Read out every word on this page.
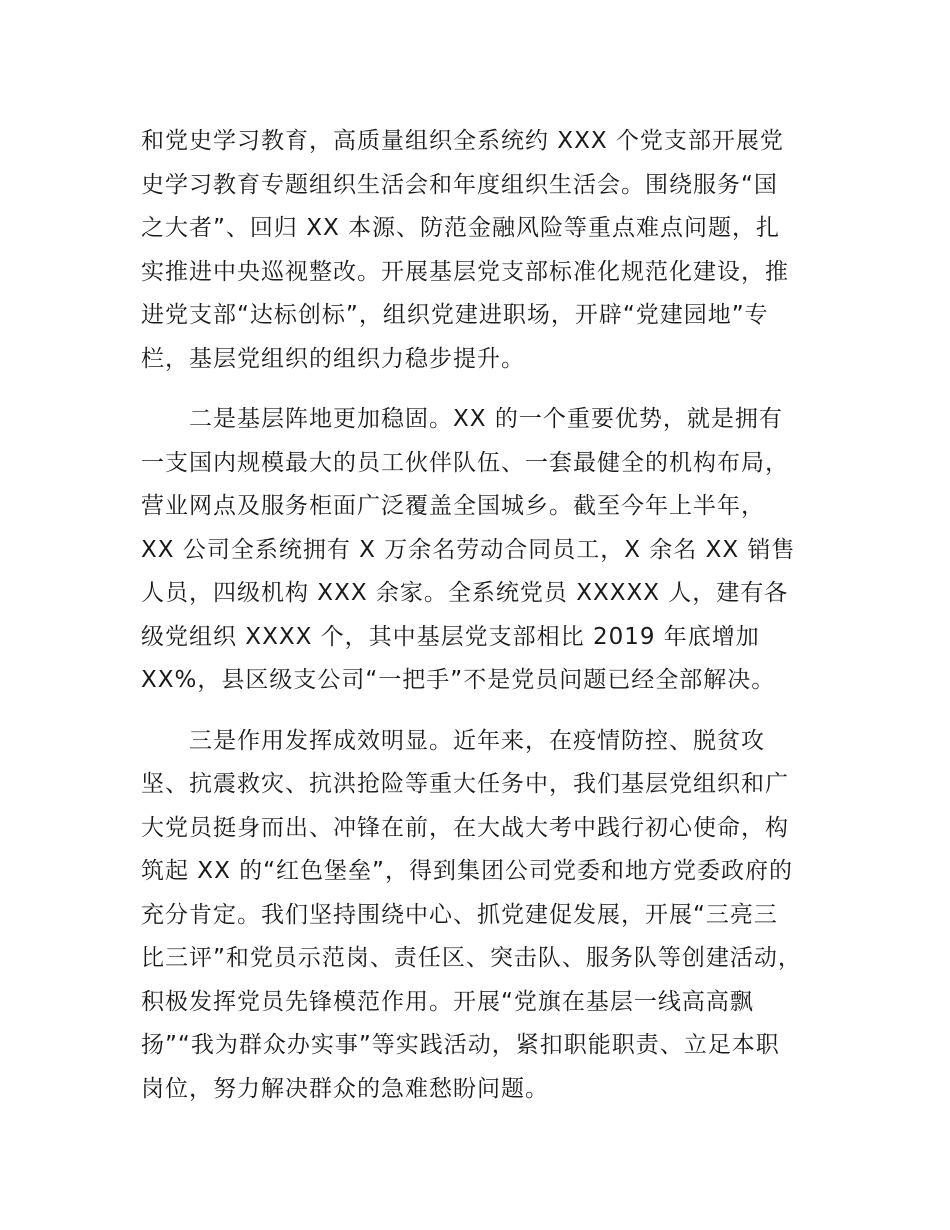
和党史学习教育，高质量组织全系统约 XXX 个党支部开展党
史学习教育专题组织生活会和年度组织生活会。围绕服务“国
之大者”、回归 XX 本源、防范金融风险等重点难点问题，扎
实推进中央巡视整改。开展基层党支部标准化规范化建设，推
进党支部“达标创标”，组织党建进职场，开辟“党建园地”专
栏，基层党组织的组织力稳步提升。
二是基层阵地更加稳固。XX 的一个重要优势，就是拥有
一支国内规模最大的员工伙伴队伍、一套最健全的机构布局，
营业网点及服务柜面广泛覆盖全国城乡。截至今年上半年，
XX 公司全系统拥有 X 万余名劳动合同员工，X 余名 XX 销售
人员，四级机构 XXX 余家。全系统党员 XXXXX 人，建有各
级党组织 XXXX 个，其中基层党支部相比 2019 年底增加
XX%，县区级支公司“一把手”不是党员问题已经全部解决。
三是作用发挥成效明显。近年来，在疫情防控、脱贫攻
坚、抗震救灾、抗洪抢险等重大任务中，我们基层党组织和广
大党员挺身而出、冲锋在前，在大战大考中践行初心使命，构
筑起 XX 的“红色堡垒”，得到集团公司党委和地方党委政府的
充分肯定。我们坚持围绕中心、抓党建促发展，开展“三亮三
比三评”和党员示范岗、责任区、突击队、服务队等创建活动，
积极发挥党员先锋模范作用。开展“党旗在基层一线高高飘
扬”“我为群众办实事”等实践活动，紧扣职能职责、立足本职
岗位，努力解决群众的急难愁盼问题。
